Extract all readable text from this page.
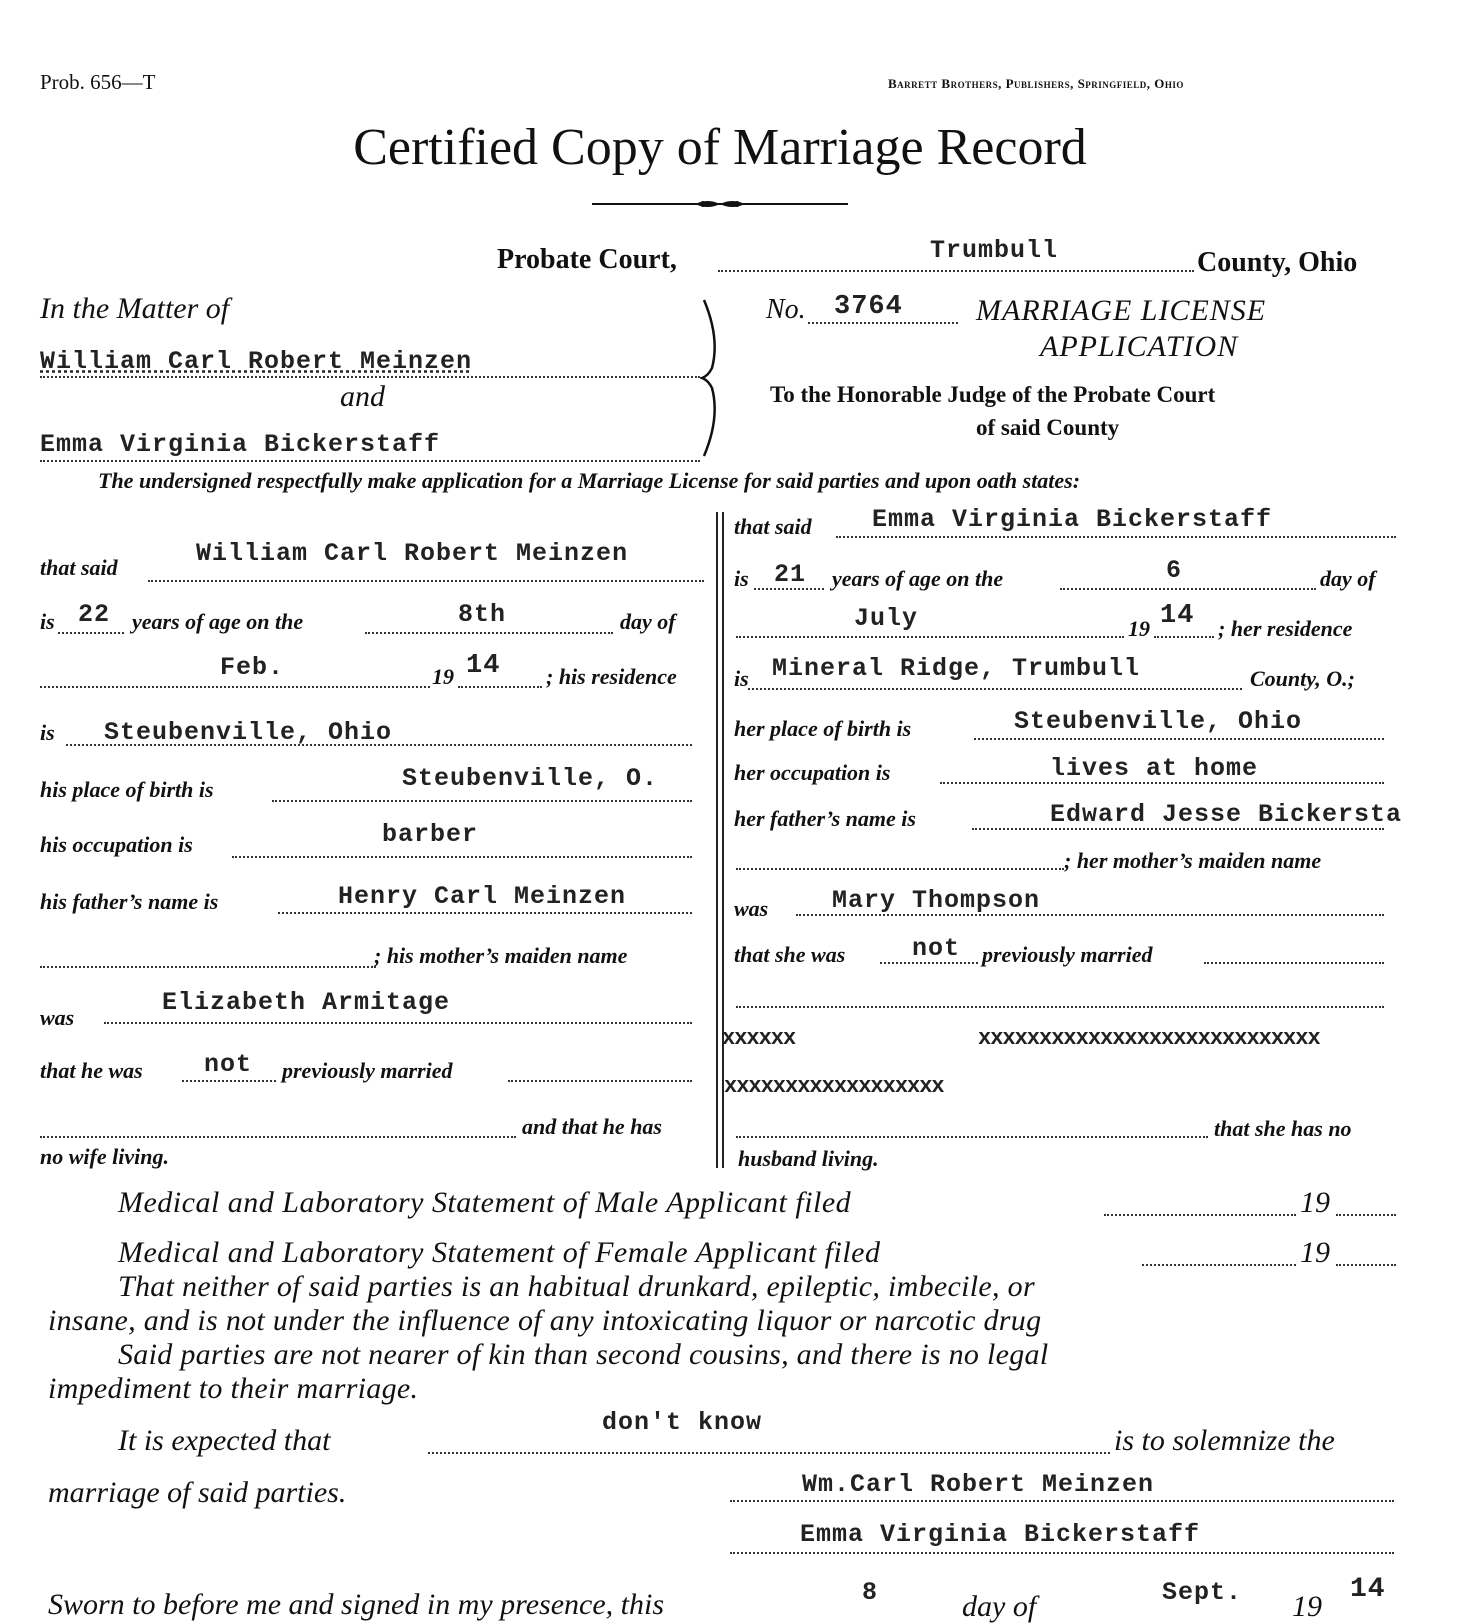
Prob. 656—T	Barrett Brothers, Publishers, Springfield, Ohio
Certified Copy of Marriage Record
Probate Court,	Trumbull	County, Ohio
In the Matter of
William Carl Robert Meinzen
and
Emma Virginia Bickerstaff
No. 3764 MARRIAGE LICENSE
APPLICATION
To the Honorable Judge of the Probate Court
of said County
The undersigned respectfully make application for a Marriage License for said parties and upon oath states:
that said	William Carl Robert Meinzen
is 22 years of age on the	8th	day of
Feb.	19 14 ; his residence
is Steubenville, Ohio
his place of birth is	Steubenville, O.
his occupation is	barber
his father’s name is	Henry Carl Meinzen
; his mother’s maiden name
was
Elizabeth Armitage
that he was not previously married
and that he has
no wife living.
that said Emma Virginia Bickerstaff
is 21 years of age on the	6	day of
July	19 14 ; her residence
is Mineral Ridge, Trumbull	County, O.;
her place of birth is	Steubenville, Ohio
her occupation is	lives at home
her father’s name is	Edward Jesse Bickersta
; her mother’s maiden name
was	Mary Thompson
that she was	not previously married
xxxxxx	xxxxxxxxxxxxxxxxxxxxxxxxxxxx
xxxxxxxxxxxxxxxxxx
that she has no
husband living.
Medical and Laboratory Statement of Male Applicant filed	19
Medical and Laboratory Statement of Female Applicant filed	19
That neither of said parties is an habitual drunkard, epileptic, imbecile, or
insane, and is not under the influence of any intoxicating liquor or narcotic drug
Said parties are not nearer of kin than second cousins, and there is no legal
impediment to their marriage.
It is expected that
don't know
is to solemnize the
marriage of said parties.	Wm.Carl Robert Meinzen
Emma Virginia Bickerstaff
Sworn to before me and signed in my presence, this	8	day of	Sept. 19
14
